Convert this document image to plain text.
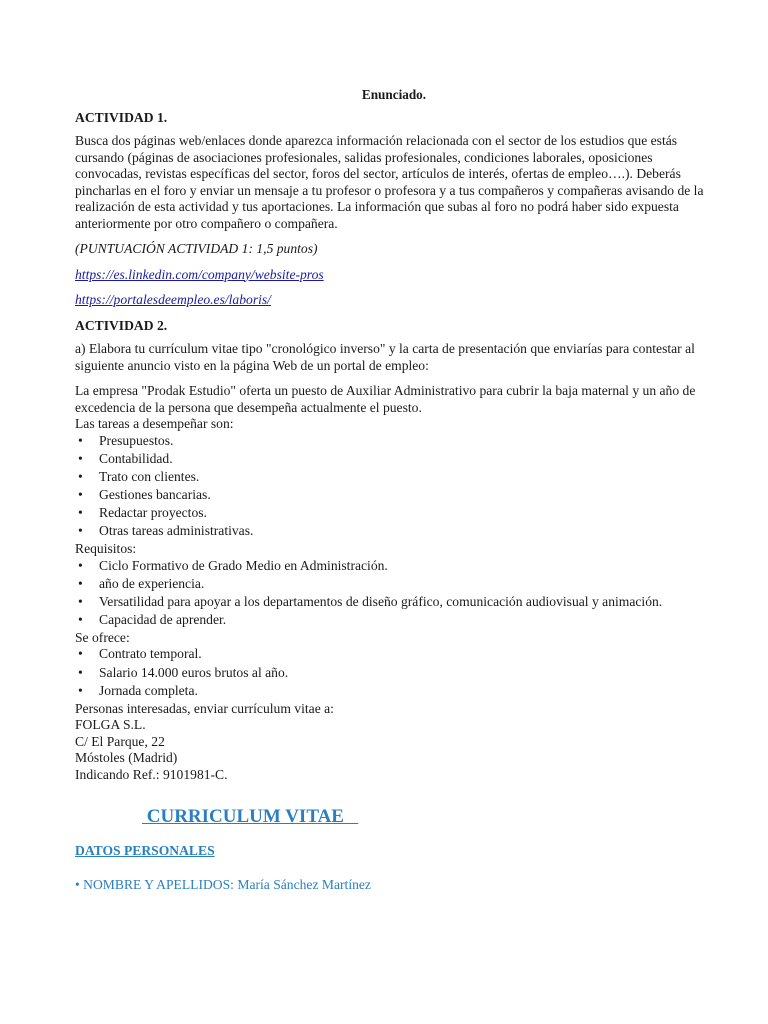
Enunciado.
ACTIVIDAD 1.

Busca dos páginas web/enlaces donde aparezca información relacionada con el sector de los estudios que estás cursando (páginas de asociaciones profesionales, salidas profesionales, condiciones laborales, oposiciones convocadas, revistas específicas del sector, foros del sector, artículos de interés, ofertas de empleo….). Deberás pincharlas en el foro y enviar un mensaje a tu profesor o profesora y a tus compañeros y compañeras avisando de la realización de esta actividad y tus aportaciones. La información que subas al foro no podrá haber sido expuesta anteriormente por otro compañero o compañera.

(PUNTUACIÓN ACTIVIDAD 1: 1,5 puntos)

https://es.linkedin.com/company/website-pros

https://portalesdeempleo.es/laboris/

ACTIVIDAD 2.

a) Elabora tu currículum vitae tipo "cronológico inverso" y la carta de presentación que enviarías para contestar al siguiente anuncio visto en la página Web de un portal de empleo:

La empresa "Prodak Estudio" oferta un puesto de Auxiliar Administrativo para cubrir la baja maternal y un año de excedencia de la persona que desempeña actualmente el puesto.
Las tareas a desempeñar son:
• Presupuestos.
• Contabilidad.
• Trato con clientes.
• Gestiones bancarias.
• Redactar proyectos.
• Otras tareas administrativas.
Requisitos:
• Ciclo Formativo de Grado Medio en Administración.
• año de experiencia.
• Versatilidad para apoyar a los departamentos de diseño gráfico, comunicación audiovisual y animación.
• Capacidad de aprender.
Se ofrece:
• Contrato temporal.
• Salario 14.000 euros brutos al año.
• Jornada completa.
Personas interesadas, enviar currículum vitae a:
FOLGA S.L.
C/ El Parque, 22
Móstoles (Madrid)
Indicando Ref.: 9101981-C.
CURRICULUM VITAE
DATOS PERSONALES
• NOMBRE Y APELLIDOS: María Sánchez Martínez
